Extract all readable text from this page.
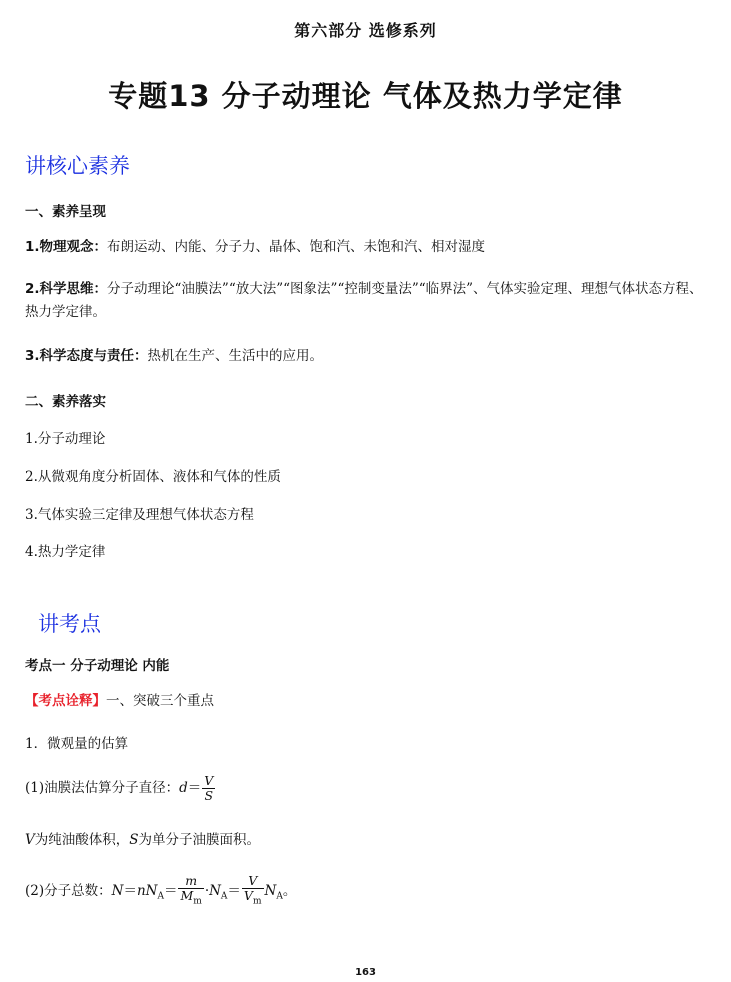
第六部分 选修系列
专题13 分子动理论 气体及热力学定律
讲核心素养
一、素养呈现
1.物理观念：布朗运动、内能、分子力、晶体、饱和汽、未饱和汽、相对湿度
2.科学思维：分子动理论“油膜法”“放大法”“图象法”“控制变量法”“临界法”、气体实验定理、理想气体状态方程、热力学定律。
3.科学态度与责任：热机在生产、生活中的应用。
二、素养落实
1.分子动理论
2.从微观角度分析固体、液体和气体的性质
3.气体实验三定律及理想气体状态方程
4.热力学定律
讲考点
考点一 分子动理论 内能
【考点诠释】一、突破三个重点
1．微观量的估算
(1)油膜法估算分子直径：$d= \frac{V}{S}$
V为纯油酸体积，S为单分子油膜面积。
(2)分子总数：$N=nN_A= \frac{m}{M_m} \cdot N_A= \frac{V}{V_m} N_A$。
163
